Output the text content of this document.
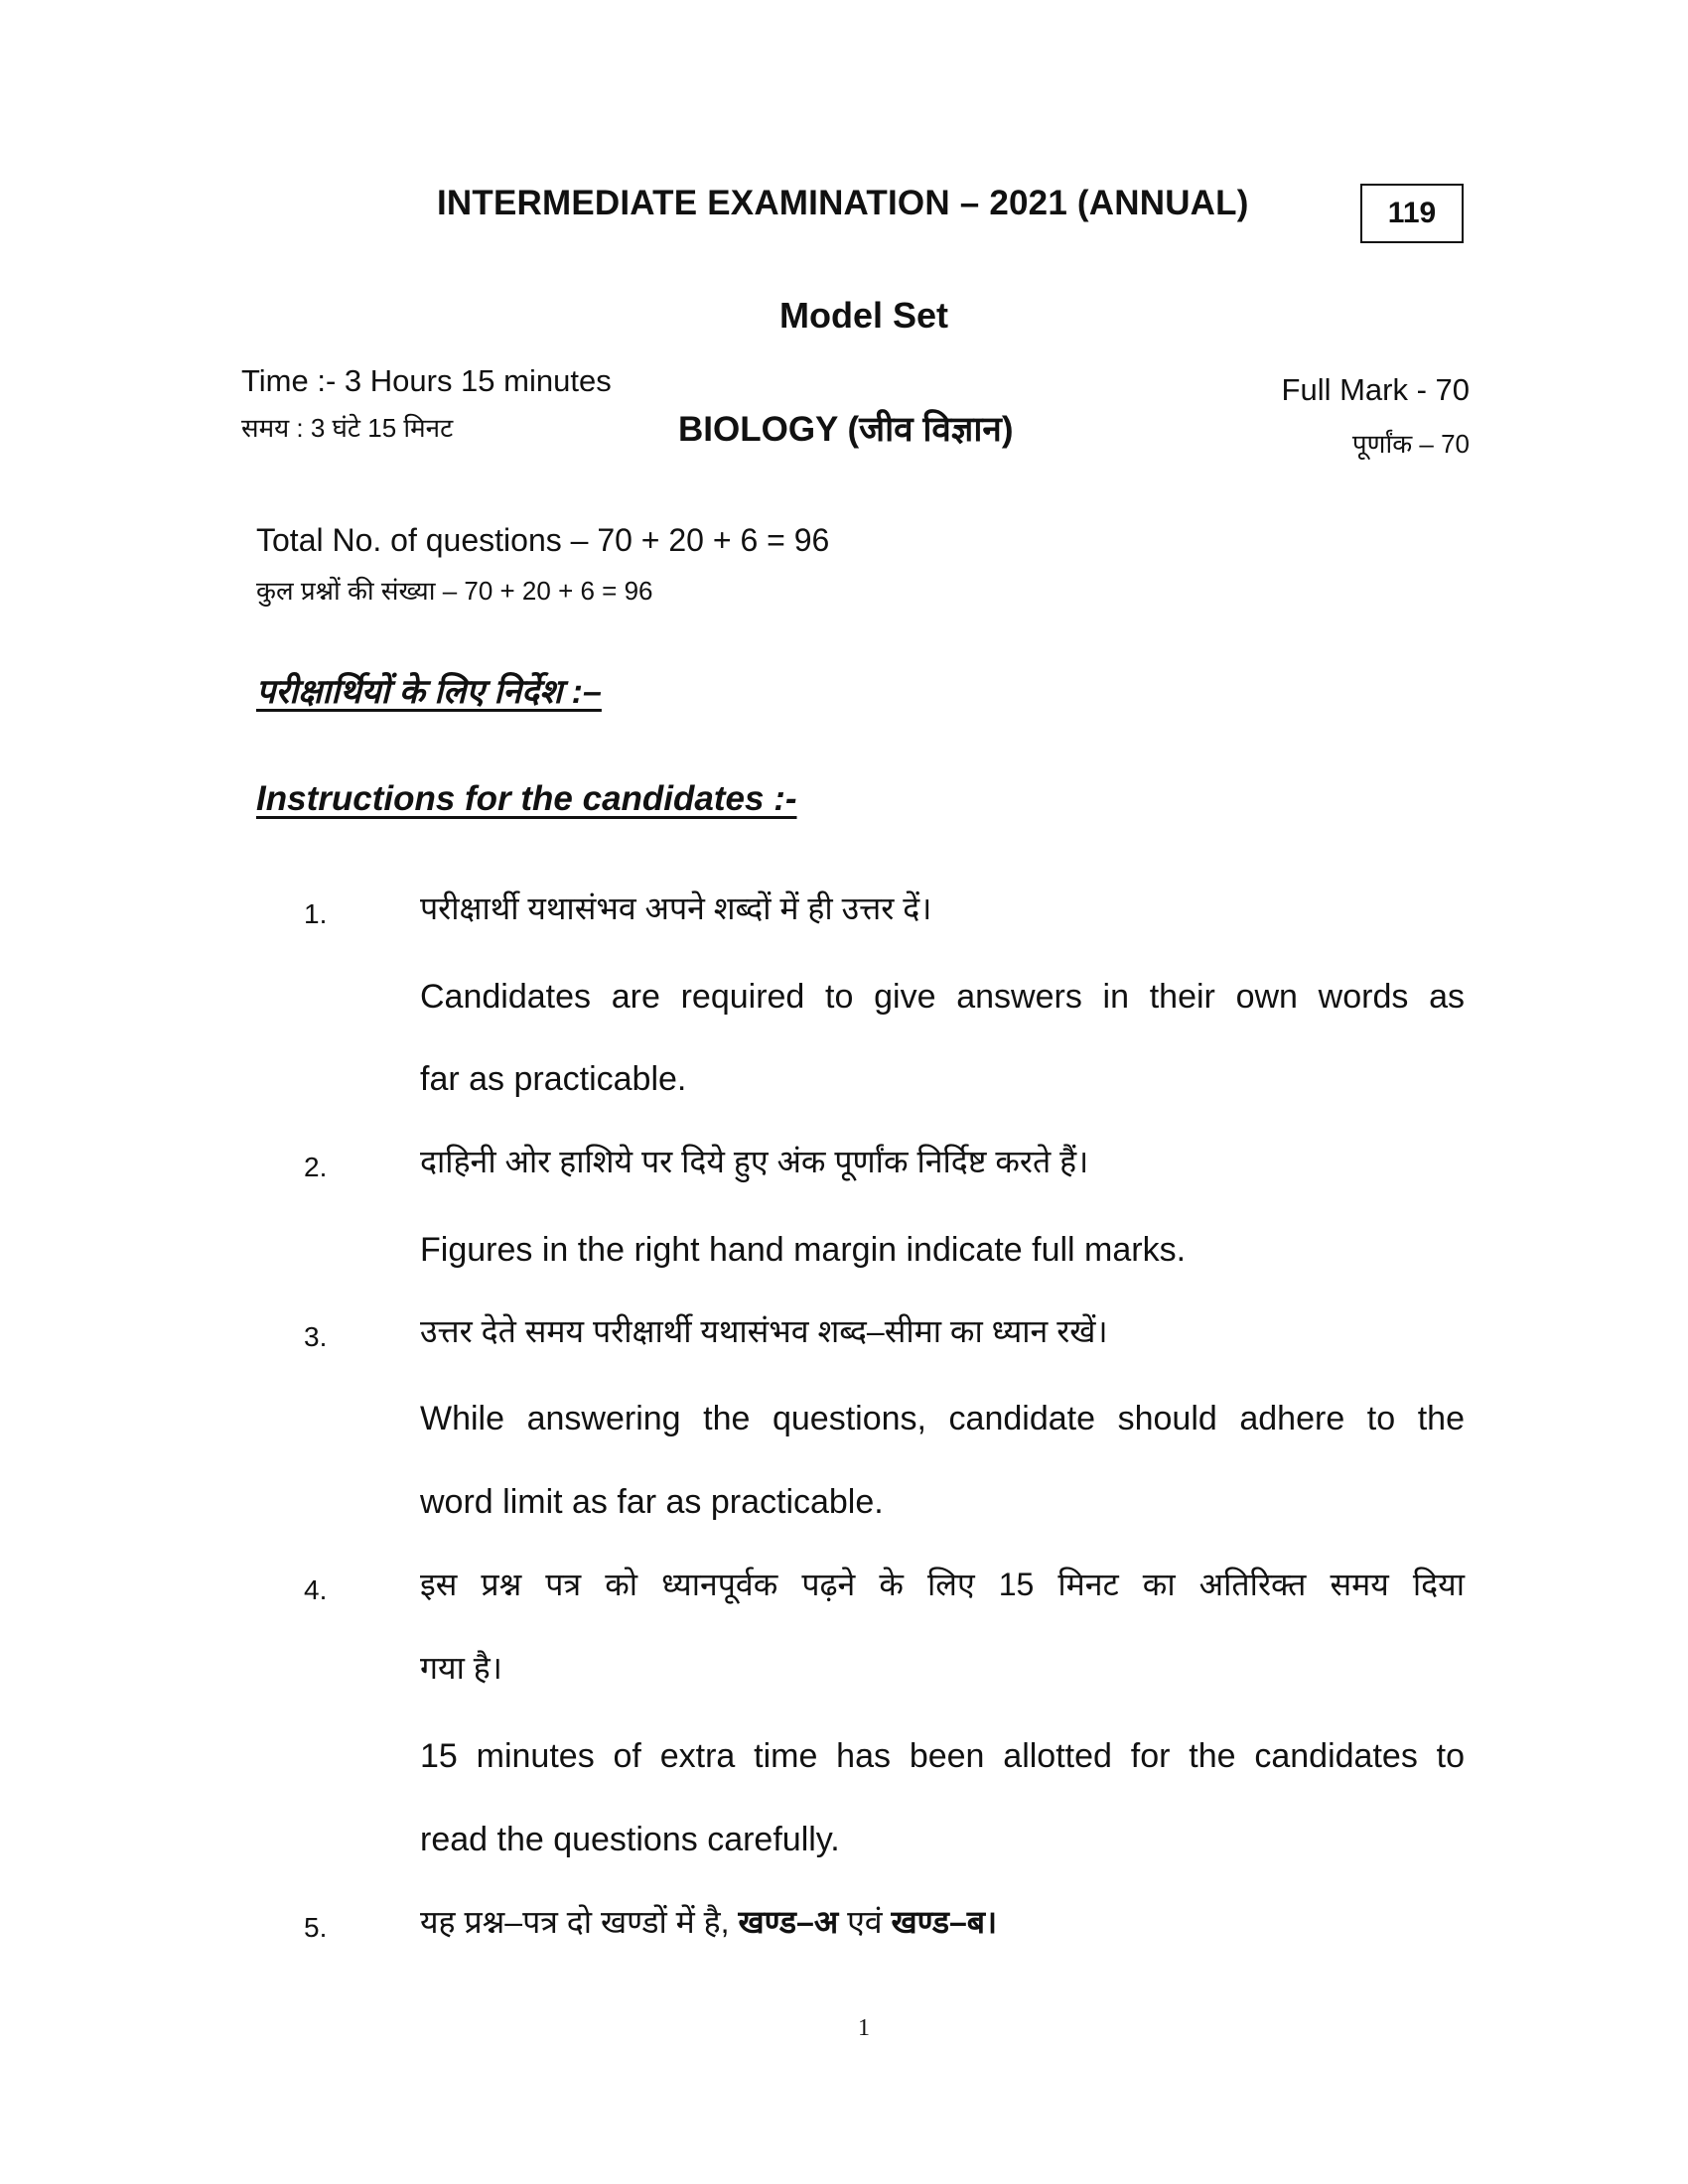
INTERMEDIATE EXAMINATION – 2021 (ANNUAL)	119
Model Set
Time :- 3 Hours 15 minutes
समय : 3 घंटे 15 मिनट	BIOLOGY (जीव विज्ञान)
Full Mark - 70
पूर्णांक – 70
Total No. of questions – 70 + 20 + 6 = 96
कुल प्रश्नों की संख्या – 70 + 20 + 6 = 96
परीक्षार्थियों के लिए निर्देश :–
Instructions for the candidates :-
1.	परीक्षार्थी यथासंभव अपने शब्दों में ही उत्तर दें।
Candidates are required to give answers in their own words as
far as practicable.
2.	दाहिनी ओर हाशिये पर दिये हुए अंक पूर्णांक निर्दिष्ट करते हैं।
Figures in the right hand margin indicate full marks.
3.	उत्तर देते समय परीक्षार्थी यथासंभव शब्द–सीमा का ध्यान रखें।
While answering the questions, candidate should adhere to the
word limit as far as practicable.
4.	इस प्रश्न पत्र को ध्यानपूर्वक पढ़ने के लिए 15 मिनट का अतिरिक्त समय दिया
गया है।
15 minutes of extra time has been allotted for the candidates to
read the questions carefully.
5.	यह प्रश्न–पत्र दो खण्डों में है, खण्ड–अ एवं खण्ड–ब।
1
